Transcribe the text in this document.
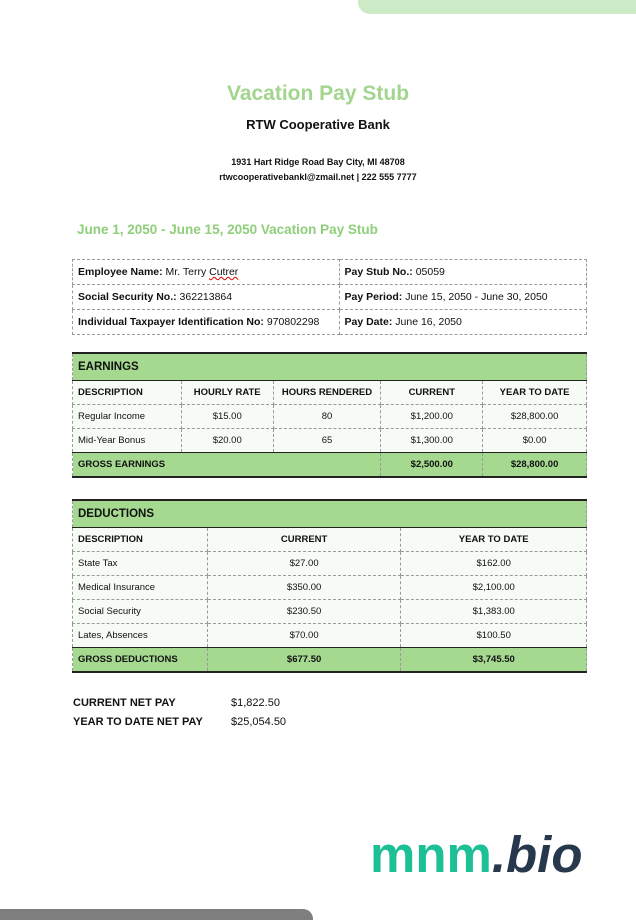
Vacation Pay Stub
RTW Cooperative Bank
1931 Hart Ridge Road Bay City, MI 48708
rtwcooperativebankl@zmail.net | 222 555 7777
June 1, 2050 - June 15, 2050 Vacation Pay Stub
Employee Name: Mr. Terry Cutrer	Pay Stub No.: 05059
Social Security No.: 362213864	Pay Period: June 15, 2050 - June 30, 2050
Individual Taxpayer Identification No: 970802298	Pay Date: June 16, 2050
EARNINGS				
DESCRIPTION	HOURLY RATE	HOURS RENDERED	CURRENT	YEAR TO DATE
Regular Income	$15.00	80	$1,200.00	$28,800.00
Mid-Year Bonus	$20.00	65	$1,300.00	$0.00
GROSS EARNINGS			$2,500.00	$28,800.00
DEDUCTIONS		
DESCRIPTION	CURRENT	YEAR TO DATE
State Tax	$27.00	$162.00
Medical Insurance	$350.00	$2,100.00
Social Security	$230.50	$1,383.00
Lates, Absences	$70.00	$100.50
GROSS DEDUCTIONS	$677.50	$3,745.50
CURRENT NET PAY	$1,822.50
YEAR TO DATE NET PAY	$25,054.50
mnm.bio
